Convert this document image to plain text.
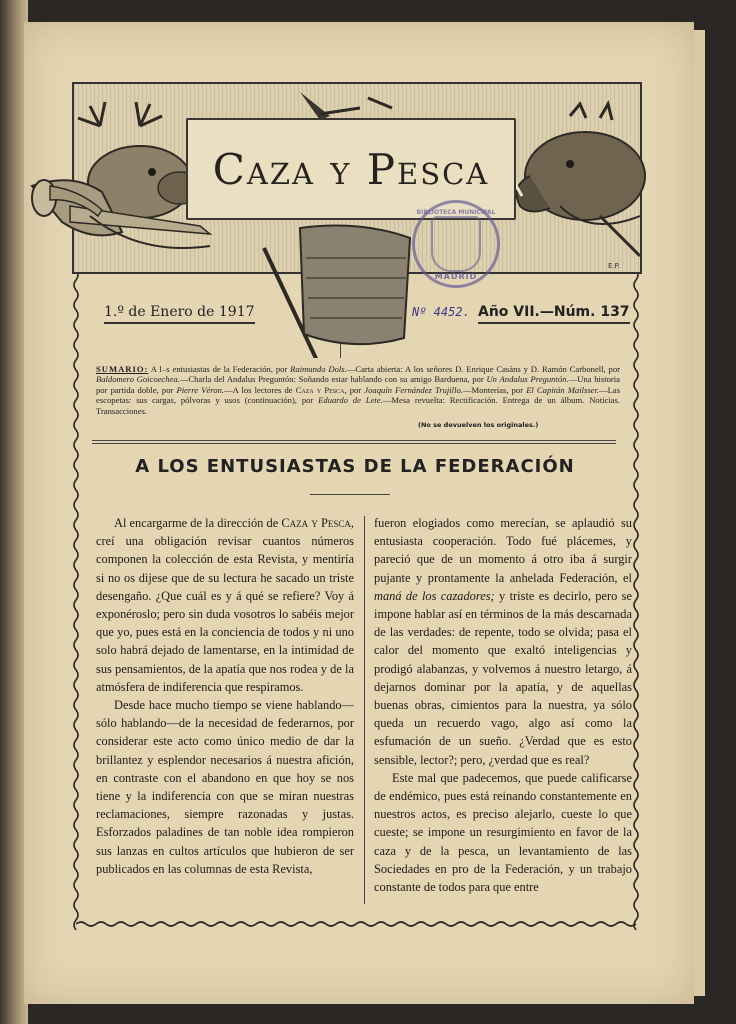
Caza y Pesca
BIBLIOTECA MUNICIPAL
MADRID
E.P.
1.º de Enero de 1917	Nº 4452. Año VII.—Núm. 137
SUMARIO: A l₋s entusiastas de la Federación, por Raimundo Dols.—Carta abierta: A los señores D. Enrique Casáns y D. Ramón Carbonell, por Baldomero Goicoechea.—Charla del Andalus Preguntón: Soñando estar hablando con su amigo Barduena, por Un Andalus Preguntón.—Una historia por partida doble, por Pierre Véron.—A los lectores de Caza y Pesca, por Joaquín Fernández Trujillo.—Monterías, por El Capitán Mailsser.—Las escopetas: sus cargas, pólvoras y usos (continuación), por Eduardo de Lete.—Mesa revuelta: Rectificación. Entrega de un álbum. Noticias. Transacciones.
(No se devuelven los originales.)
A LOS ENTUSIASTAS DE LA FEDERACIÓN

Al encargarme de la dirección de Caza y Pesca, creí una obligación revisar cuantos números componen la colección de esta Revista, y mentiría si no os dijese que de su lectura he sacado un triste desengaño. ¿Que cuál es y á qué se refiere? Voy á exponéroslo; pero sin duda vosotros lo sabéis mejor que yo, pues está en la conciencia de todos y ni uno solo habrá dejado de lamentarse, en la intimidad de sus pensamientos, de la apatía que nos rodea y de la atmósfera de indiferencia que respiramos.

Desde hace mucho tiempo se viene hablando—sólo hablando—de la necesidad de federarnos, por considerar este acto como único medio de dar la brillantez y esplendor necesarios á nuestra afición, en contraste con el abandono en que hoy se nos tiene y la indiferencia con que se miran nuestras reclamaciones, siempre razonadas y justas. Esforzados paladines de tan noble idea rompieron sus lanzas en cultos artículos que hubieron de ser publicados en las columnas de esta Revista,

fueron elogiados como merecían, se aplaudió su entusiasta cooperación. Todo fué plácemes, y pareció que de un momento á otro iba á surgir pujante y prontamente la anhelada Federación, el maná de los cazadores; y triste es decirlo, pero se impone hablar así en términos de la más descarnada de las verdades: de repente, todo se olvida; pasa el calor del momento que exaltó inteligencias y prodigó alabanzas, y volvemos á nuestro letargo, á dejarnos dominar por la apatía, y de aquellas buenas obras, cimientos para la nuestra, ya sólo queda un recuerdo vago, algo así como la esfumación de un sueño. ¿Verdad que es esto sensible, lector?; pero, ¿verdad que es real?

Este mal que padecemos, que puede calificarse de endémico, pues está reinando constantemente en nuestros actos, es preciso alejarlo, cueste lo que cueste; se impone un resurgimiento en favor de la caza y de la pesca, un levantamiento de las Sociedades en pro de la Federación, y un trabajo constante de todos para que entre
